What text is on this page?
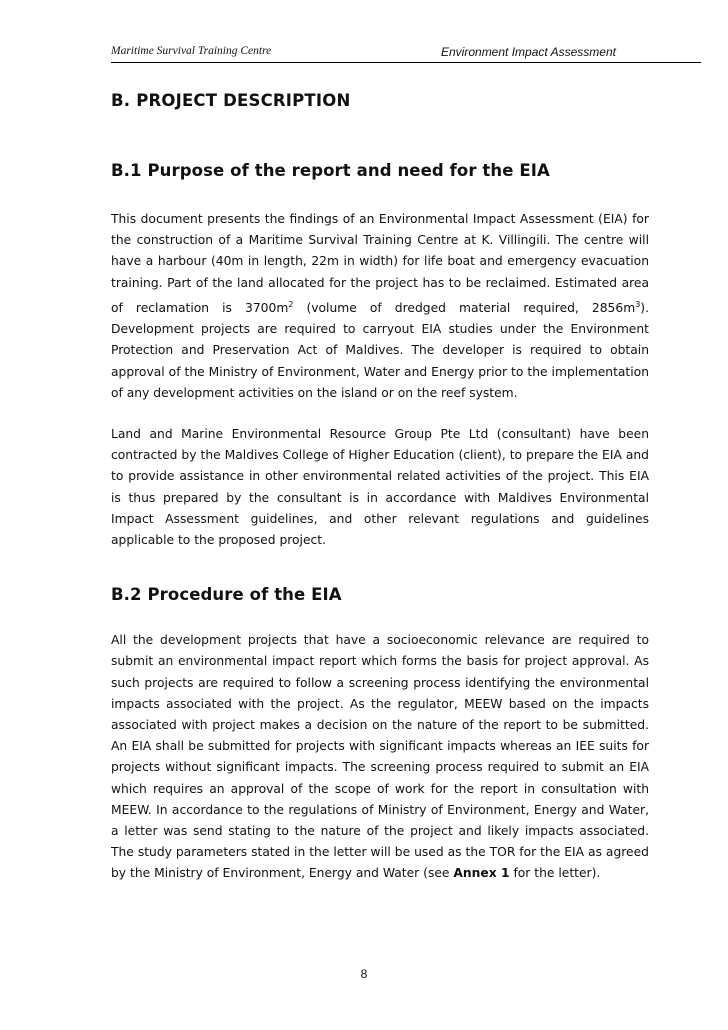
Maritime Survival Training Centre	Environment Impact Assessment
B. PROJECT DESCRIPTION
B.1 Purpose of the report and need for the EIA

This document presents the findings of an Environmental Impact Assessment (EIA) for the construction of a Maritime Survival Training Centre at K. Villingili. The centre will have a harbour (40m in length, 22m in width) for life boat and emergency evacuation training. Part of the land allocated for the project has to be reclaimed. Estimated area of reclamation is $3700m^2$ (volume of dredged material required, $2856m^3$). Development projects are required to carryout EIA studies under the Environment Protection and Preservation Act of Maldives. The developer is required to obtain approval of the Ministry of Environment, Water and Energy prior to the implementation of any development activities on the island or on the reef system.

Land and Marine Environmental Resource Group Pte Ltd (consultant) have been contracted by the Maldives College of Higher Education (client), to prepare the EIA and to provide assistance in other environmental related activities of the project. This EIA is thus prepared by the consultant is in accordance with Maldives Environmental Impact Assessment guidelines, and other relevant regulations and guidelines applicable to the proposed project.

B.2 Procedure of the EIA

All the development projects that have a socioeconomic relevance are required to submit an environmental impact report which forms the basis for project approval. As such projects are required to follow a screening process identifying the environmental impacts associated with the project. As the regulator, MEEW based on the impacts associated with project makes a decision on the nature of the report to be submitted. An EIA shall be submitted for projects with significant impacts whereas an IEE suits for projects without significant impacts. The screening process required to submit an EIA which requires an approval of the scope of work for the report in consultation with MEEW. In accordance to the regulations of Ministry of Environment, Energy and Water, a letter was send stating to the nature of the project and likely impacts associated. The study parameters stated in the letter will be used as the TOR for the EIA as agreed by the Ministry of Environment, Energy and Water (see Annex 1 for the letter).

8
